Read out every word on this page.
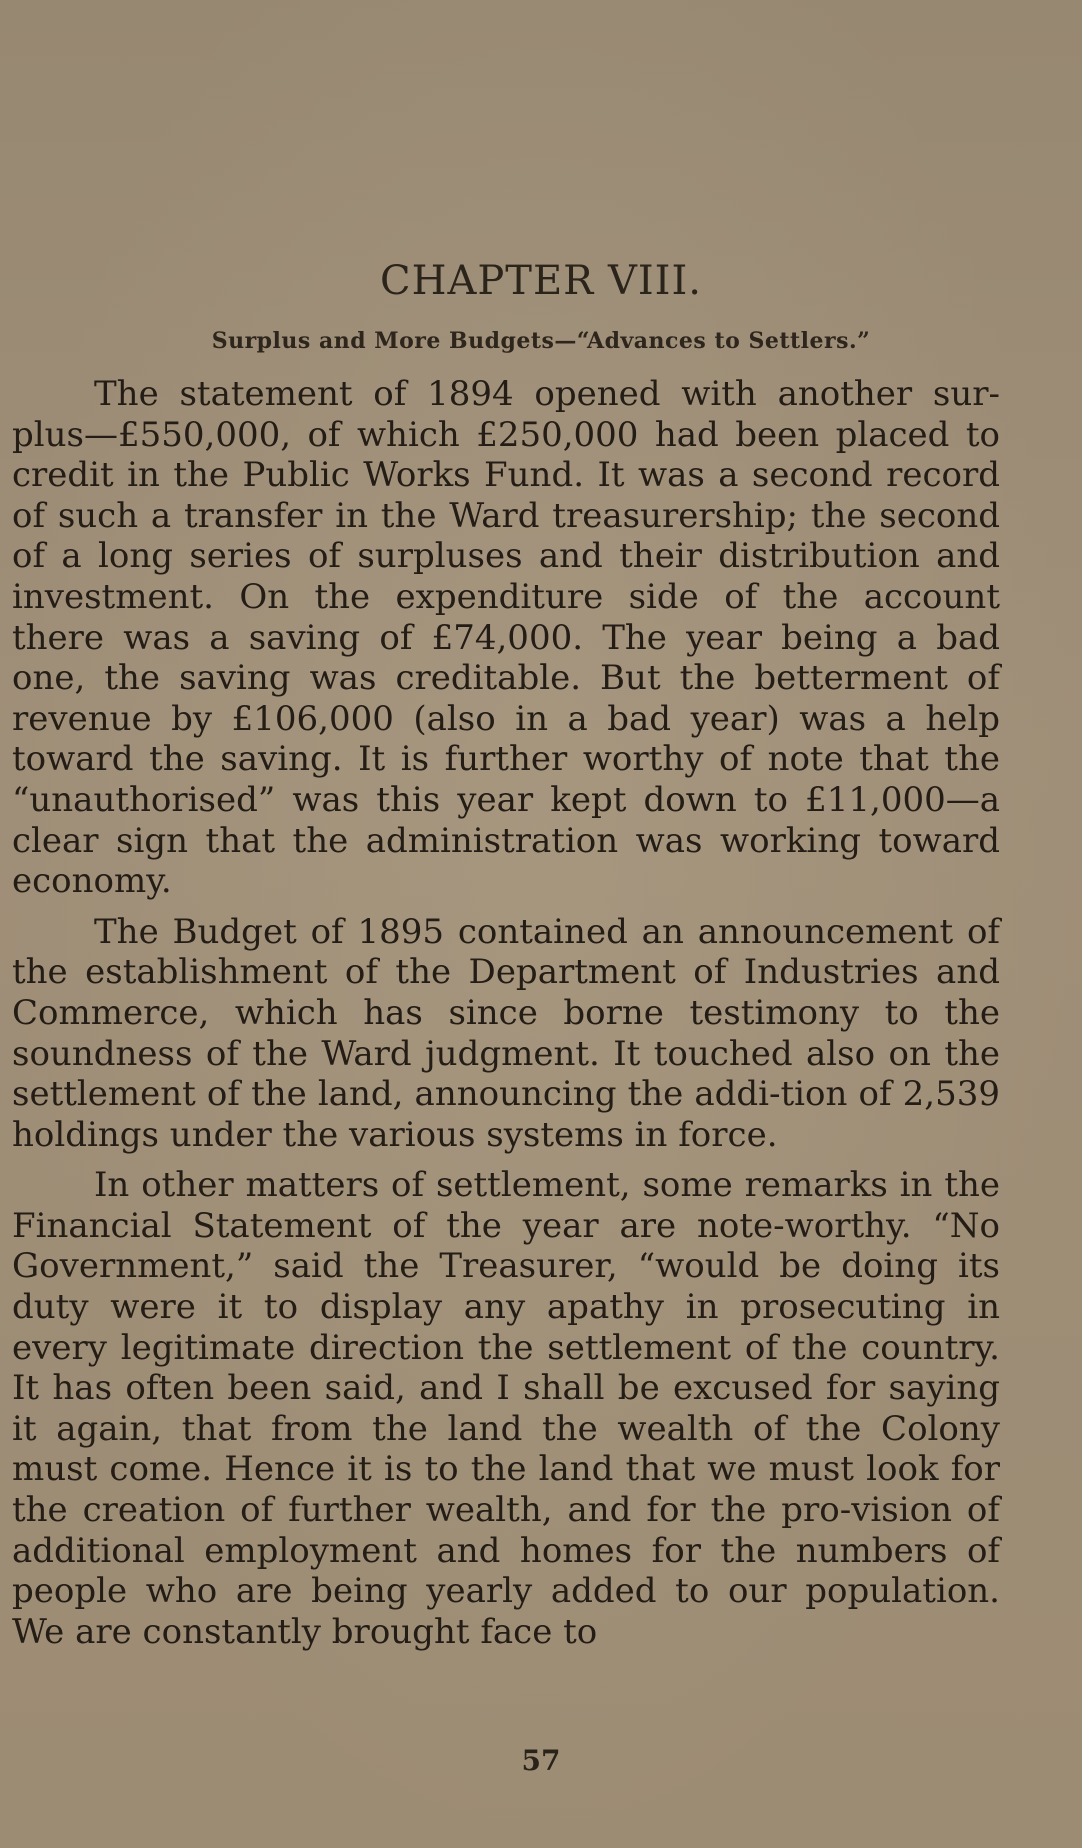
CHAPTER VIII.
Surplus and More Budgets—“Advances to Settlers.”

The statement of 1894 opened with another sur-plus—£550,000, of which £250,000 had been placed to credit in the Public Works Fund. It was a second record of such a transfer in the Ward treasurership; the second of a long series of surpluses and their distribution and investment. On the expenditure side of the account there was a saving of £74,000. The year being a bad one, the saving was creditable. But the betterment of revenue by £106,000 (also in a bad year) was a help toward the saving. It is further worthy of note that the “unauthorised” was this year kept down to £11,000—a clear sign that the administration was working toward economy.

The Budget of 1895 contained an announcement of the establishment of the Department of Industries and Commerce, which has since borne testimony to the soundness of the Ward judgment. It touched also on the settlement of the land, announcing the addi-tion of 2,539 holdings under the various systems in force.

In other matters of settlement, some remarks in the Financial Statement of the year are note-worthy. “No Government,” said the Treasurer, “would be doing its duty were it to display any apathy in prosecuting in every legitimate direction the settlement of the country. It has often been said, and I shall be excused for saying it again, that from the land the wealth of the Colony must come. Hence it is to the land that we must look for the creation of further wealth, and for the pro-vision of additional employment and homes for the numbers of people who are being yearly added to our population. We are constantly brought face to

57
